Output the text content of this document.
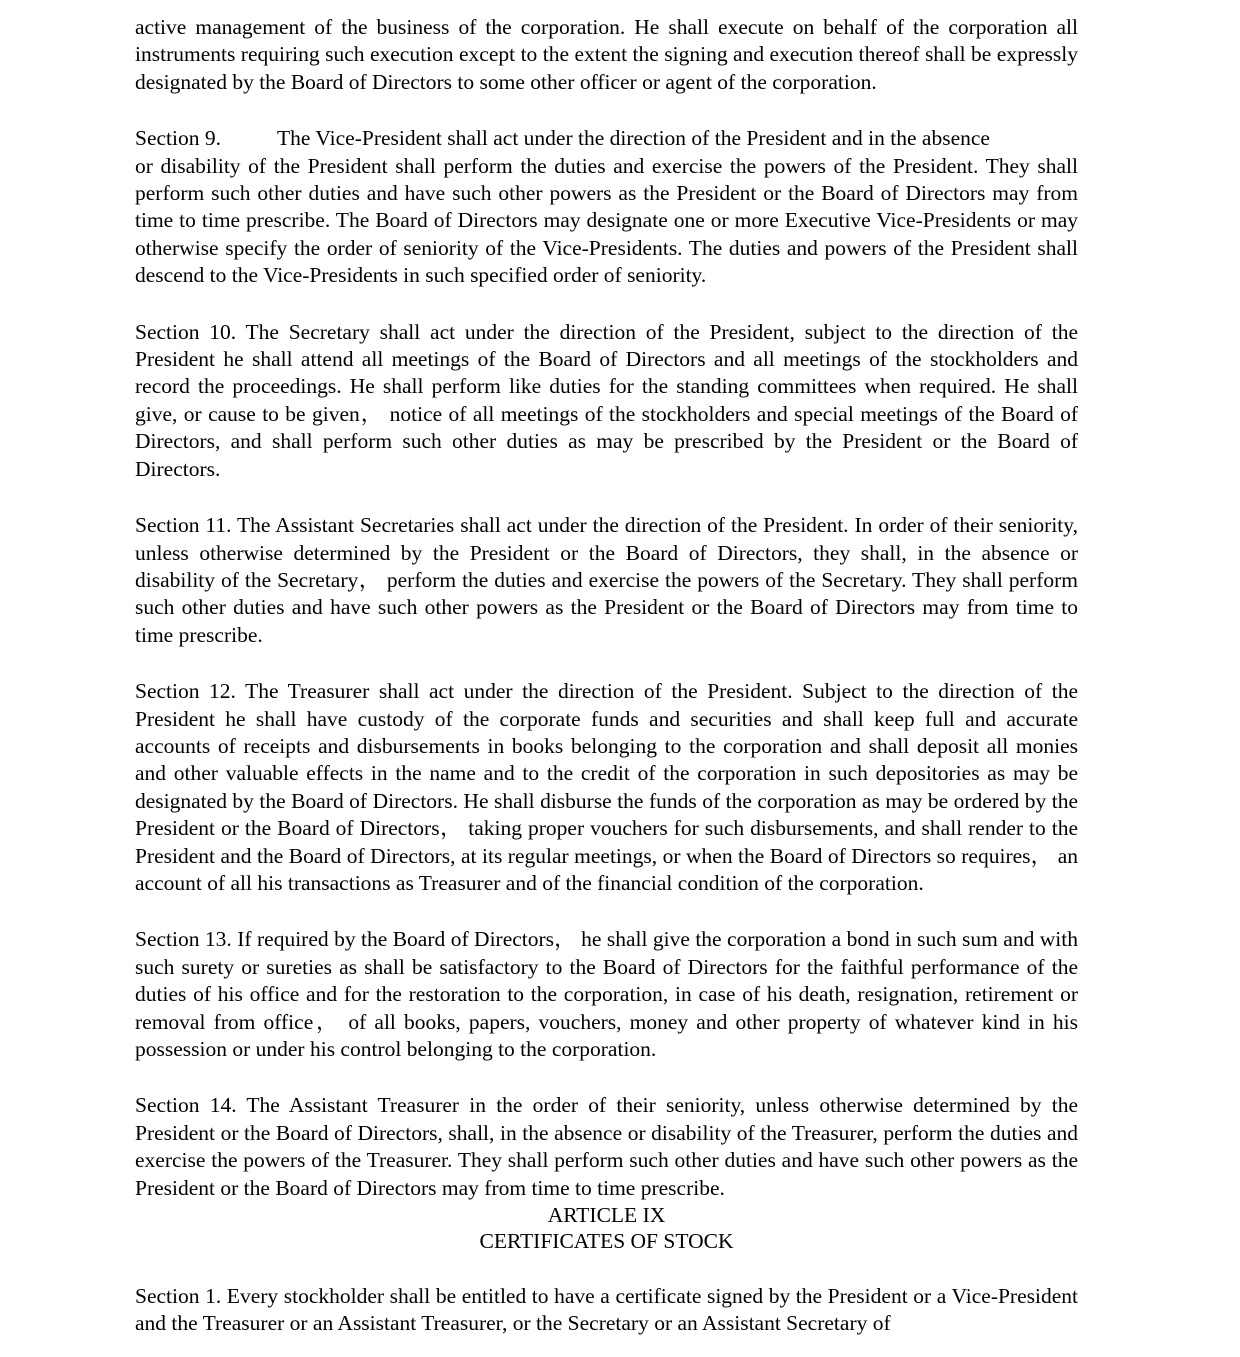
active management of the business of the corporation. He shall execute on behalf of the corporation all instruments requiring such execution except to the extent the signing and execution thereof shall be expressly designated by the Board of Directors to some other officer or agent of the corporation.

Section 9.	The Vice-President shall act under the direction of the President and in the absence
or disability of the President shall perform the duties and exercise the powers of the President. They shall perform such other duties and have such other powers as the President or the Board of Directors may from time to time prescribe. The Board of Directors may designate one or more Executive Vice-Presidents or may otherwise specify the order of seniority of the Vice-Presidents. The duties and powers of the President shall descend to the Vice-Presidents in such specified order of seniority.

Section 10. The Secretary shall act under the direction of the President, subject to the direction of the President he shall attend all meetings of the Board of Directors and all meetings of the stockholders and record the proceedings. He shall perform like duties for the standing committees when required. He shall give, or cause to be given， notice of all meetings of the stockholders and special meetings of the Board of Directors, and shall perform such other duties as may be prescribed by the President or the Board of Directors.

Section 11. The Assistant Secretaries shall act under the direction of the President. In order of their seniority, unless otherwise determined by the President or the Board of Directors, they shall, in the absence or disability of the Secretary， perform the duties and exercise the powers of the Secretary. They shall perform such other duties and have such other powers as the President or the Board of Directors may from time to time prescribe.

Section 12. The Treasurer shall act under the direction of the President. Subject to the direction of the President he shall have custody of the corporate funds and securities and shall keep full and accurate accounts of receipts and disbursements in books belonging to the corporation and shall deposit all monies and other valuable effects in the name and to the credit of the corporation in such depositories as may be designated by the Board of Directors. He shall disburse the funds of the corporation as may be ordered by the President or the Board of Directors， taking proper vouchers for such disbursements, and shall render to the President and the Board of Directors, at its regular meetings, or when the Board of Directors so requires， an account of all his transactions as Treasurer and of the financial condition of the corporation.

Section 13. If required by the Board of Directors， he shall give the corporation a bond in such sum and with such surety or sureties as shall be satisfactory to the Board of Directors for the faithful performance of the duties of his office and for the restoration to the corporation, in case of his death, resignation, retirement or removal from office， of all books, papers, vouchers, money and other property of whatever kind in his possession or under his control belonging to the corporation.

Section 14. The Assistant Treasurer in the order of their seniority, unless otherwise determined by the President or the Board of Directors, shall, in the absence or disability of the Treasurer, perform the duties and exercise the powers of the Treasurer. They shall perform such other duties and have such other powers as the President or the Board of Directors may from time to time prescribe.

ARTICLE IX

CERTIFICATES OF STOCK

Section 1. Every stockholder shall be entitled to have a certificate signed by the President or a Vice-President and the Treasurer or an Assistant Treasurer, or the Secretary or an Assistant Secretary of
